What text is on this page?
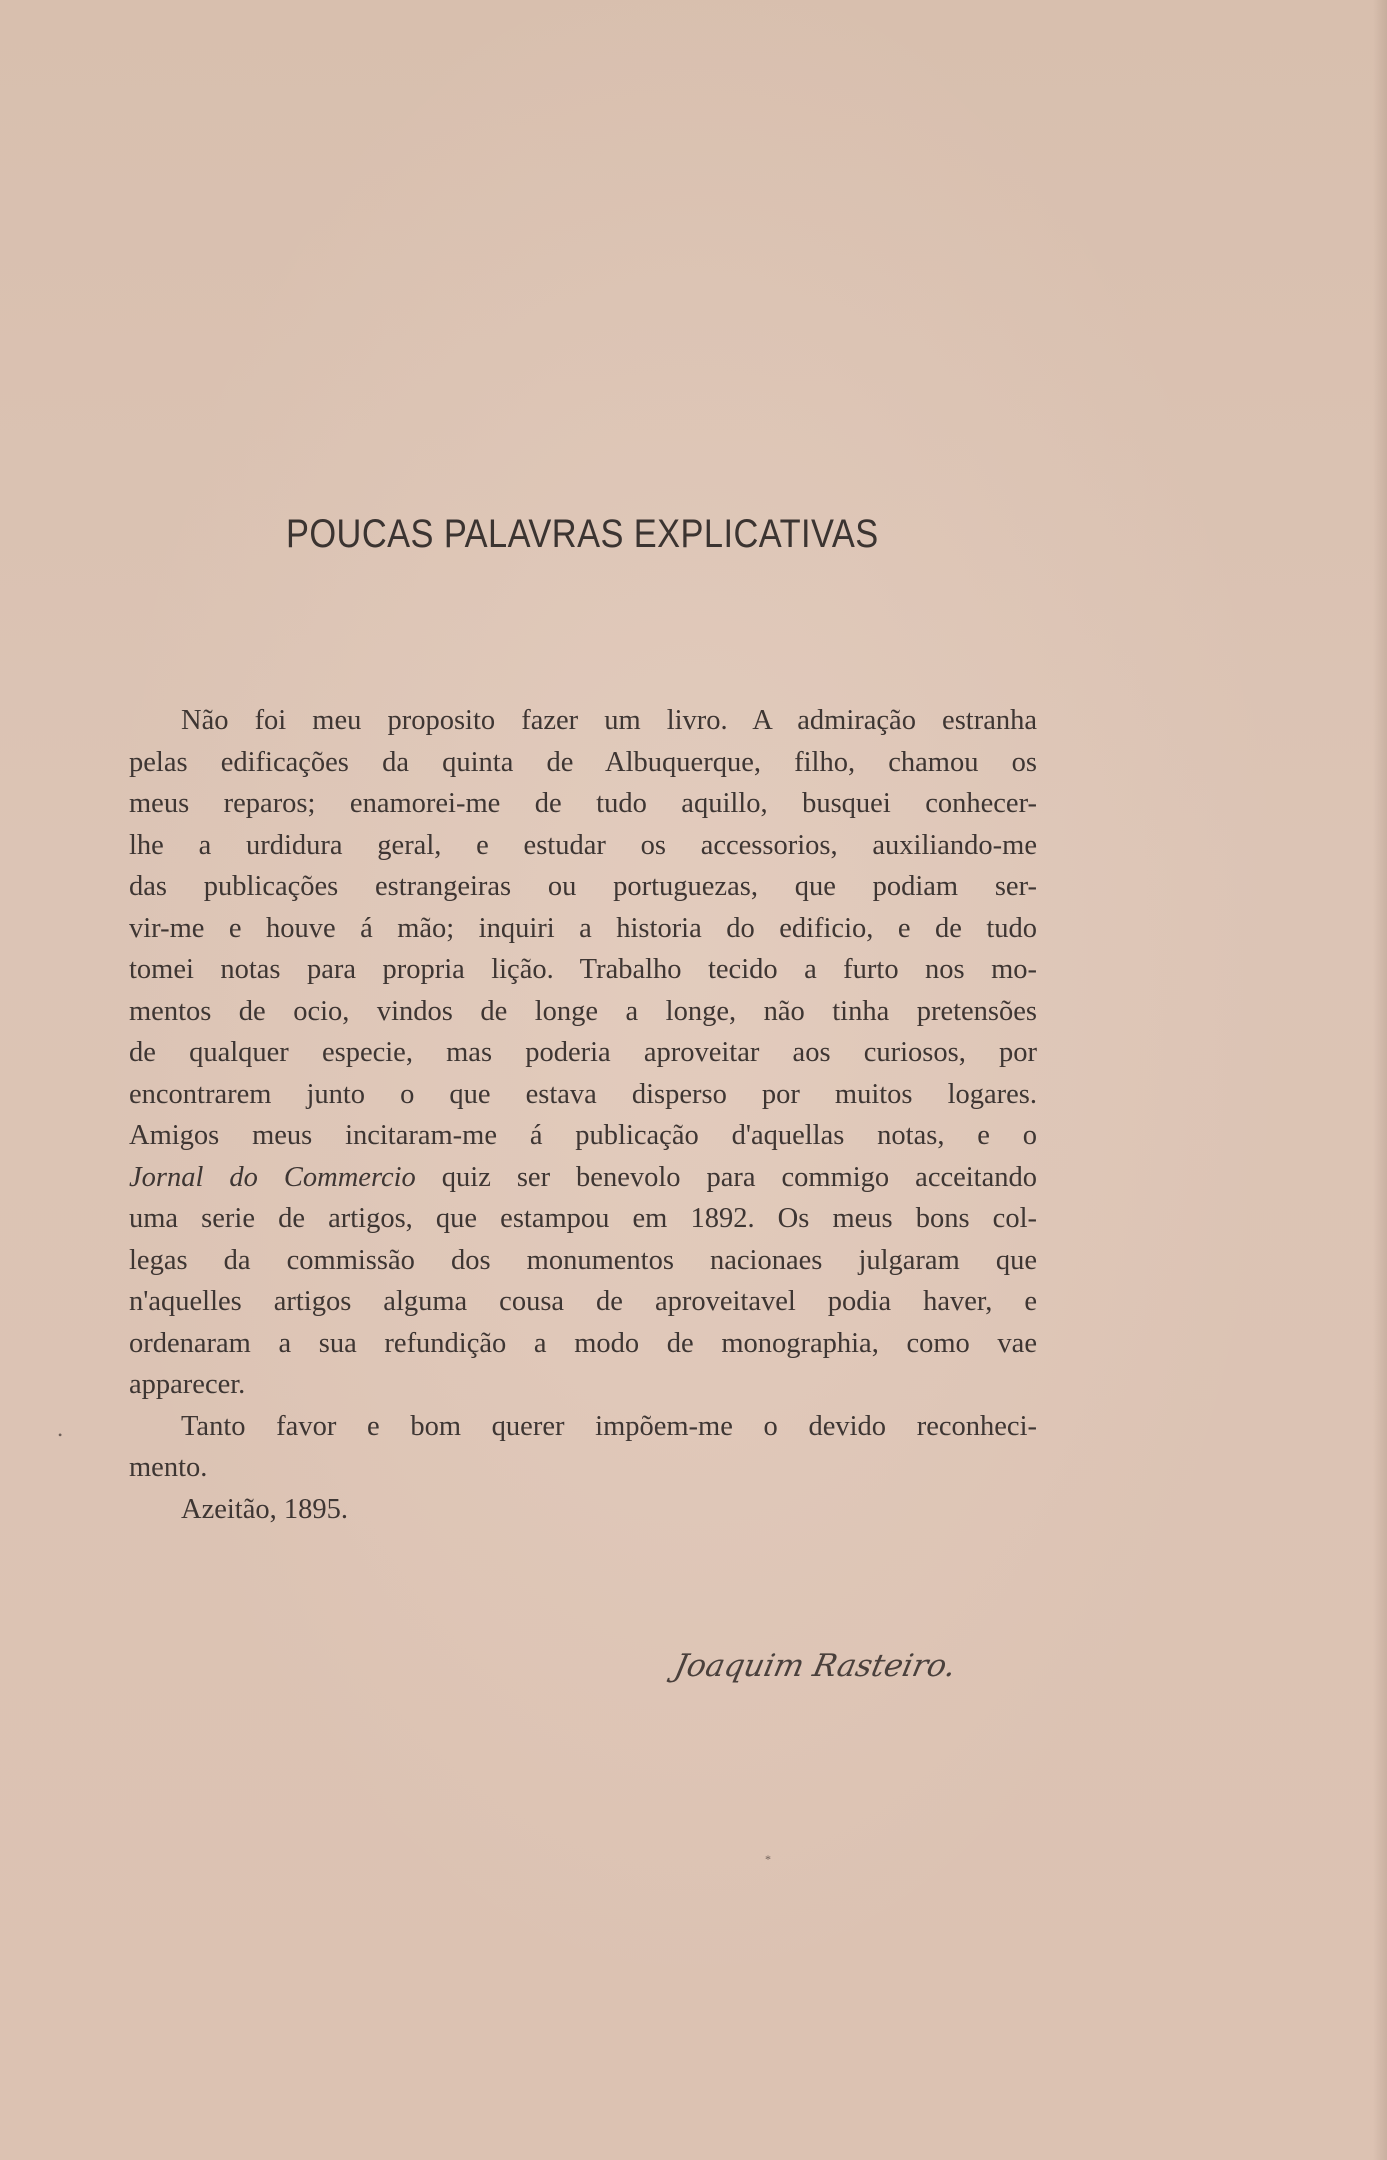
POUCAS PALAVRAS EXPLICATIVAS
Não foi meu proposito fazer um livro. A admiração estranha
pelas edificações da quinta de Albuquerque, filho, chamou os
meus reparos; enamorei-me de tudo aquillo, busquei conhecer-
lhe a urdidura geral, e estudar os accessorios, auxiliando-me
das publicações estrangeiras ou portuguezas, que podiam ser-
vir-me e houve á mão; inquiri a historia do edificio, e de tudo
tomei notas para propria lição. Trabalho tecido a furto nos mo-
mentos de ocio, vindos de longe a longe, não tinha pretensões
de qualquer especie, mas poderia aproveitar aos curiosos, por
encontrarem junto o que estava disperso por muitos logares.
Amigos meus incitaram-me á publicação d'aquellas notas, e o
Jornal do Commercio quiz ser benevolo para commigo acceitando
uma serie de artigos, que estampou em 1892. Os meus bons col-
legas da commissão dos monumentos nacionaes julgaram que
n'aquelles artigos alguma cousa de aproveitavel podia haver, e
ordenaram a sua refundição a modo de monographia, como vae
apparecer.
Tanto favor e bom querer impõem-me o devido reconheci-
mento.
Azeitão, 1895.
Joaquim Rasteiro.
•
*
